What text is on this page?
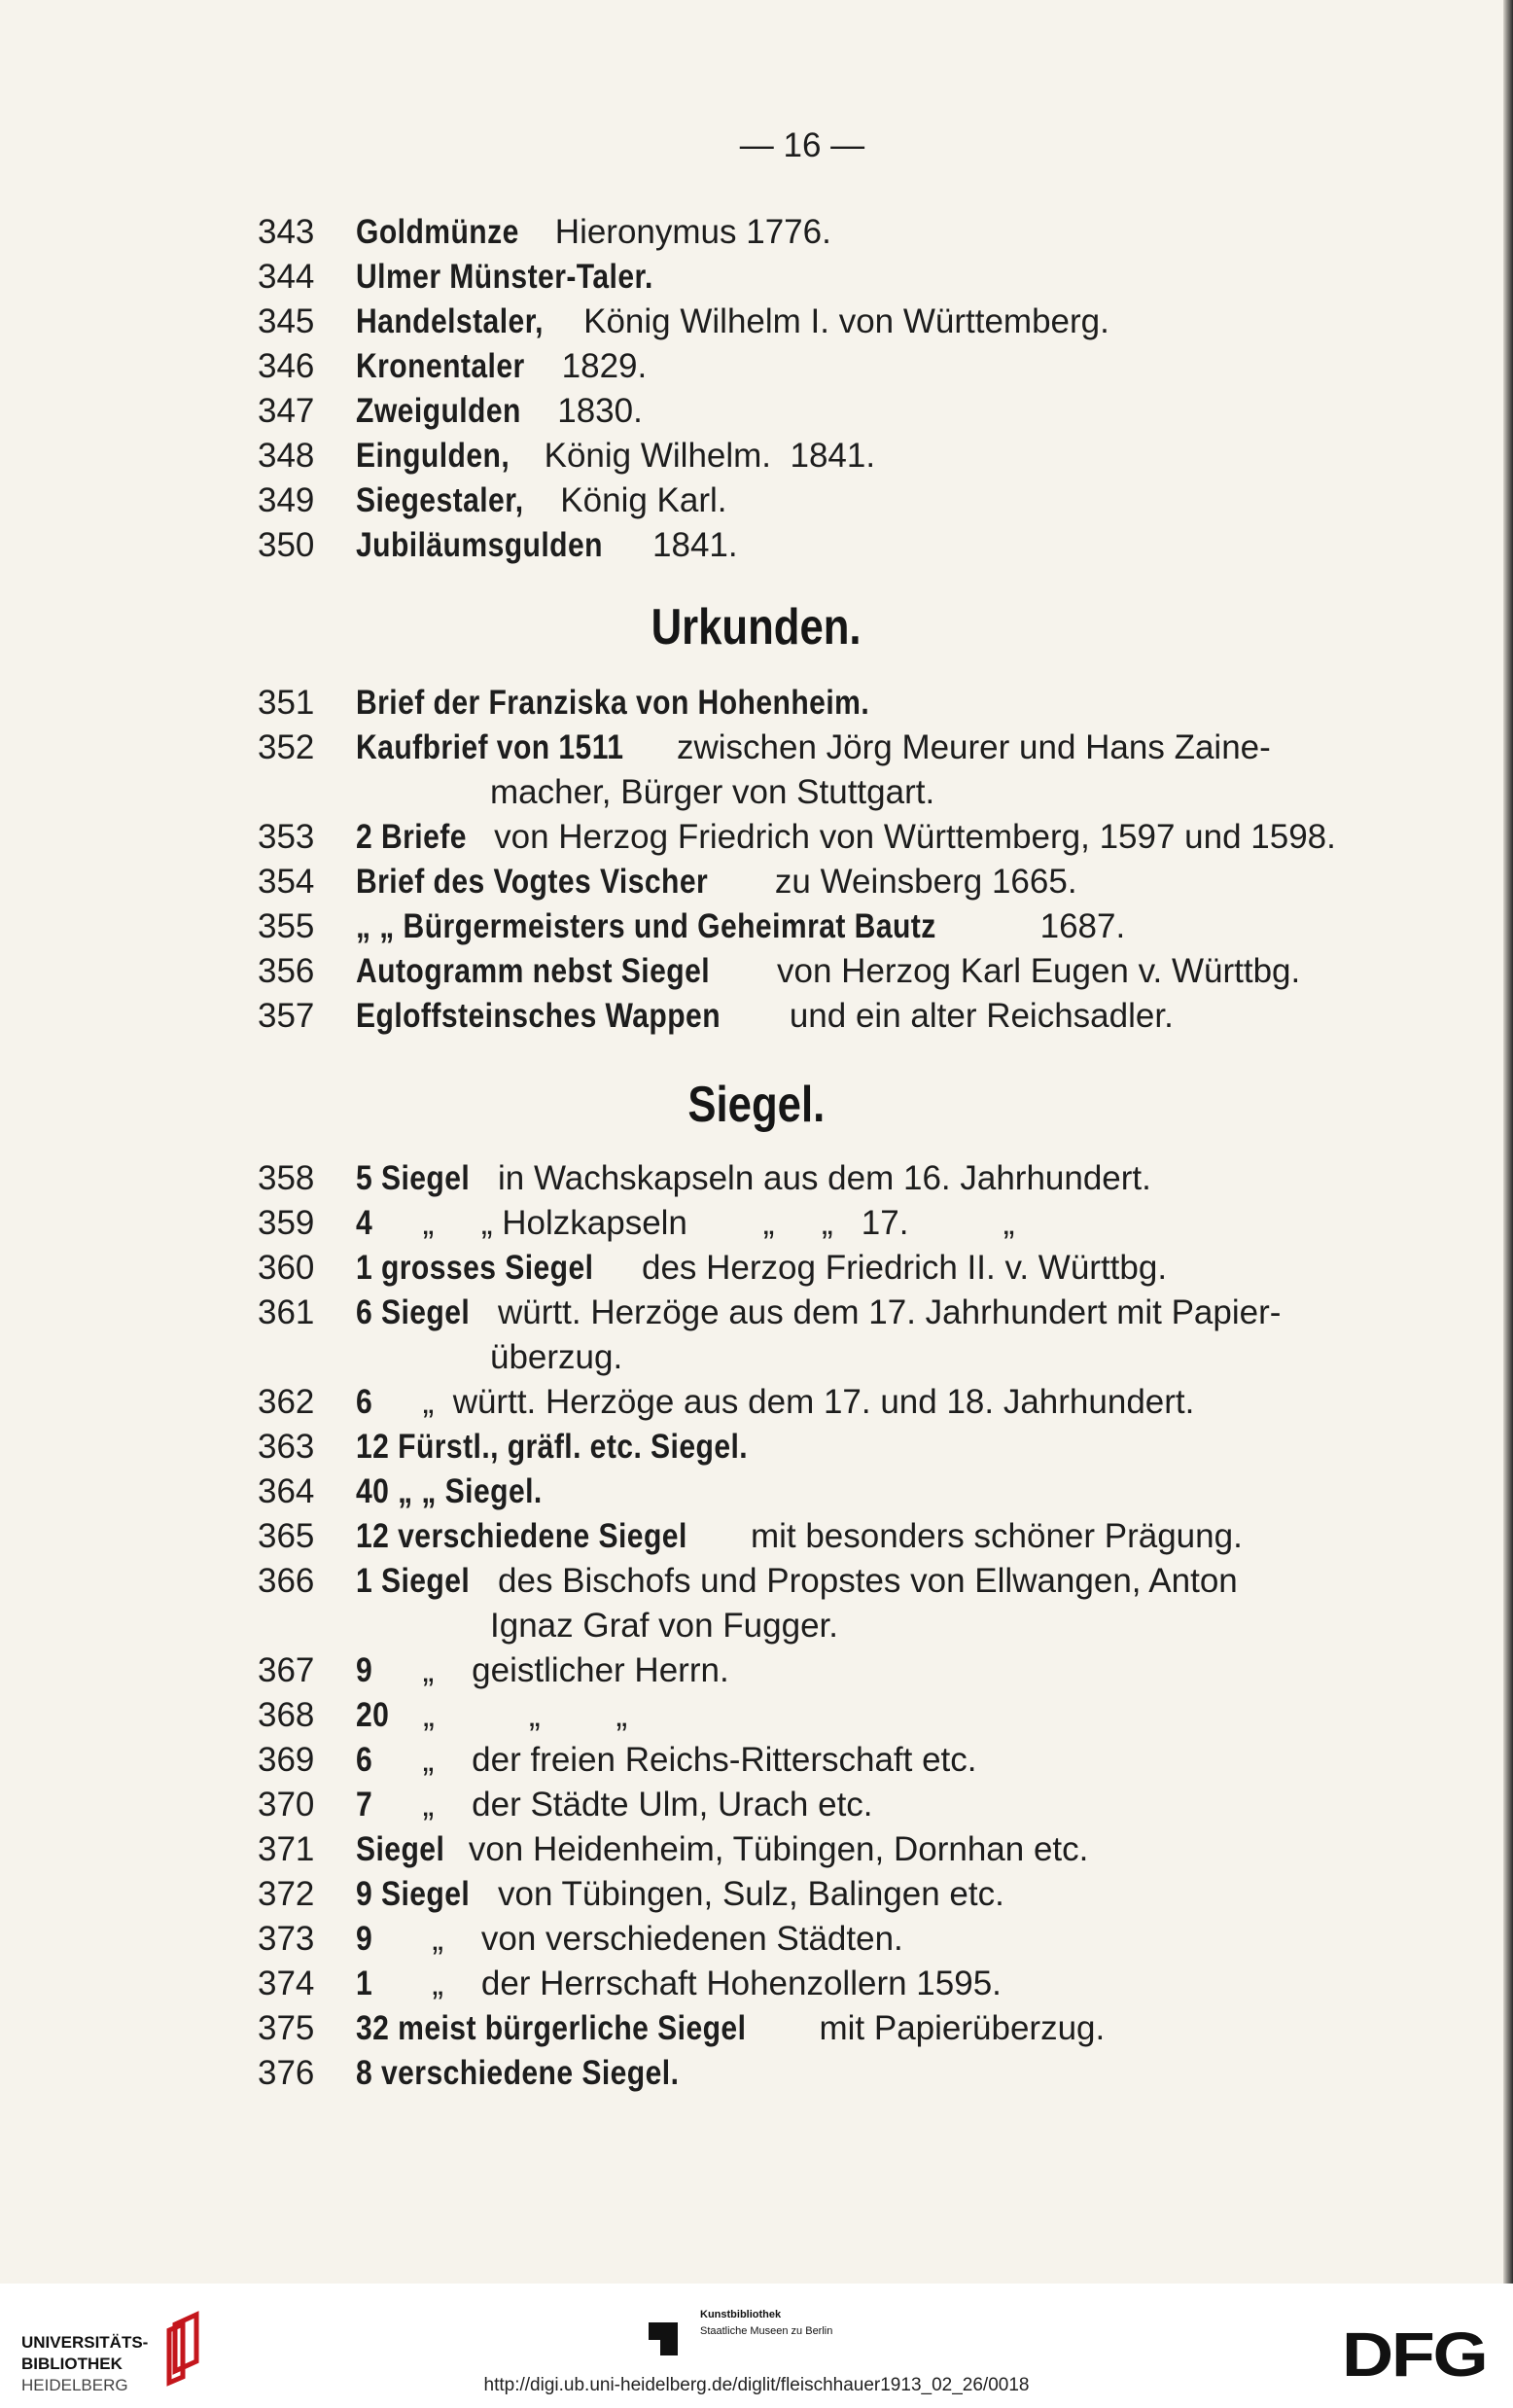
— 16 —
343	Goldmünze Hieronymus 1776.
344	Ulmer Münster-Taler.
345	Handelstaler, König Wilhelm I. von Württemberg.
346	Kronentaler 1829.
347	Zweigulden 1830.
348	Eingulden, König Wilhelm.  1841.
349	Siegestaler, König Karl.
350	Jubiläumsgulden 1841.
Urkunden.
351	Brief der Franziska von Hohenheim.
352	Kaufbrief von 1511 zwischen Jörg Meurer und Hans Zaine-
macher, Bürger von Stuttgart.
353	2 Briefe von Herzog Friedrich von Württemberg, 1597 und 1598.
354	Brief des Vogtes Vischer zu Weinsberg 1665.
355	„ „ Bürgermeisters und Geheimrat Bautz	1687.
356	Autogramm nebst Siegel von Herzog Karl Eugen v. Württbg.
357	Egloffsteinsches Wappen und ein alter Reichsadler.
Siegel.
358	5 Siegel in Wachskapseln aus dem 16. Jahrhundert.
359	4     „     „ Holzkapseln        „     „   17.          „
360	1 grosses Siegel des Herzog Friedrich II. v. Württbg.
361	6 Siegel württ. Herzöge aus dem 17. Jahrhundert mit Papier-
überzug.
362	6     „  württ. Herzöge aus dem 17. und 18. Jahrhundert.
363	12 Fürstl., gräfl. etc. Siegel.
364	40 „ „ Siegel.
365	12 verschiedene Siegel mit besonders schöner Prägung.
366	1 Siegel des Bischofs und Propstes von Ellwangen, Anton
Ignaz Graf von Fugger.
367	9     „    geistlicher Herrn.
368	20   „          „        „
369	6     „    der freien Reichs-Ritterschaft etc.
370	7     „    der Städte Ulm, Urach etc.
371	Siegel von Heidenheim, Tübingen, Dornhan etc.
372	9 Siegel von Tübingen, Sulz, Balingen etc.
373	9      „    von verschiedenen Städten.
374	1      „    der Herrschaft Hohenzollern 1595.
375	32 meist bürgerliche Siegel mit Papierüberzug.
376	8 verschiedene Siegel.
UNIVERSITÄTS-
BIBLIOTHEK
HEIDELBERG
Kunstbibliothek
Staatliche Museen zu Berlin	DFG
http://digi.ub.uni-heidelberg.de/diglit/fleischhauer1913_02_26/0018
